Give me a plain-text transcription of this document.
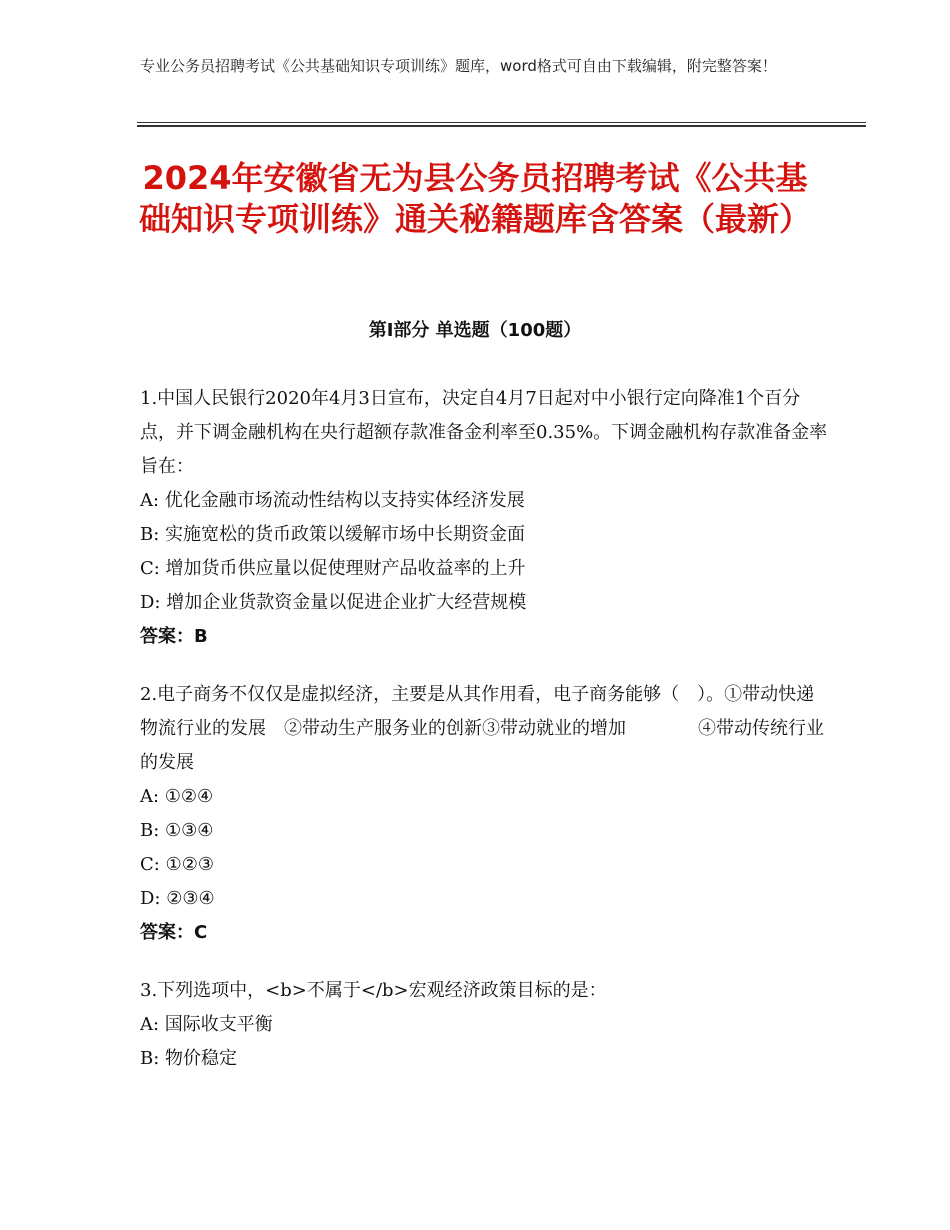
专业公务员招聘考试《公共基础知识专项训练》题库，word格式可自由下载编辑，附完整答案！
2024年安徽省无为县公务员招聘考试《公共基础知识专项训练》通关秘籍题库含答案（最新）
第I部分 单选题（100题）

1.中国人民银行2020年4月3日宣布，决定自4月7日起对中小银行定向降准1个百分点，并下调金融机构在央行超额存款准备金利率至0.35%。下调金融机构存款准备金率旨在：

A: 优化金融市场流动性结构以支持实体经济发展

B: 实施宽松的货币政策以缓解市场中长期资金面

C: 增加货币供应量以促使理财产品收益率的上升

D: 增加企业货款资金量以促进企业扩大经营规模

答案：B

2.电子商务不仅仅是虚拟经济，主要是从其作用看，电子商务能够（　）。①带动快递物流行业的发展　②带动生产服务业的创新③带动就业的增加　　　　④带动传统行业的发展

A: ①②④

B: ①③④

C: ①②③

D: ②③④

答案：C

3.下列选项中，<b>不属于</b>宏观经济政策目标的是：

A: 国际收支平衡

B: 物价稳定
